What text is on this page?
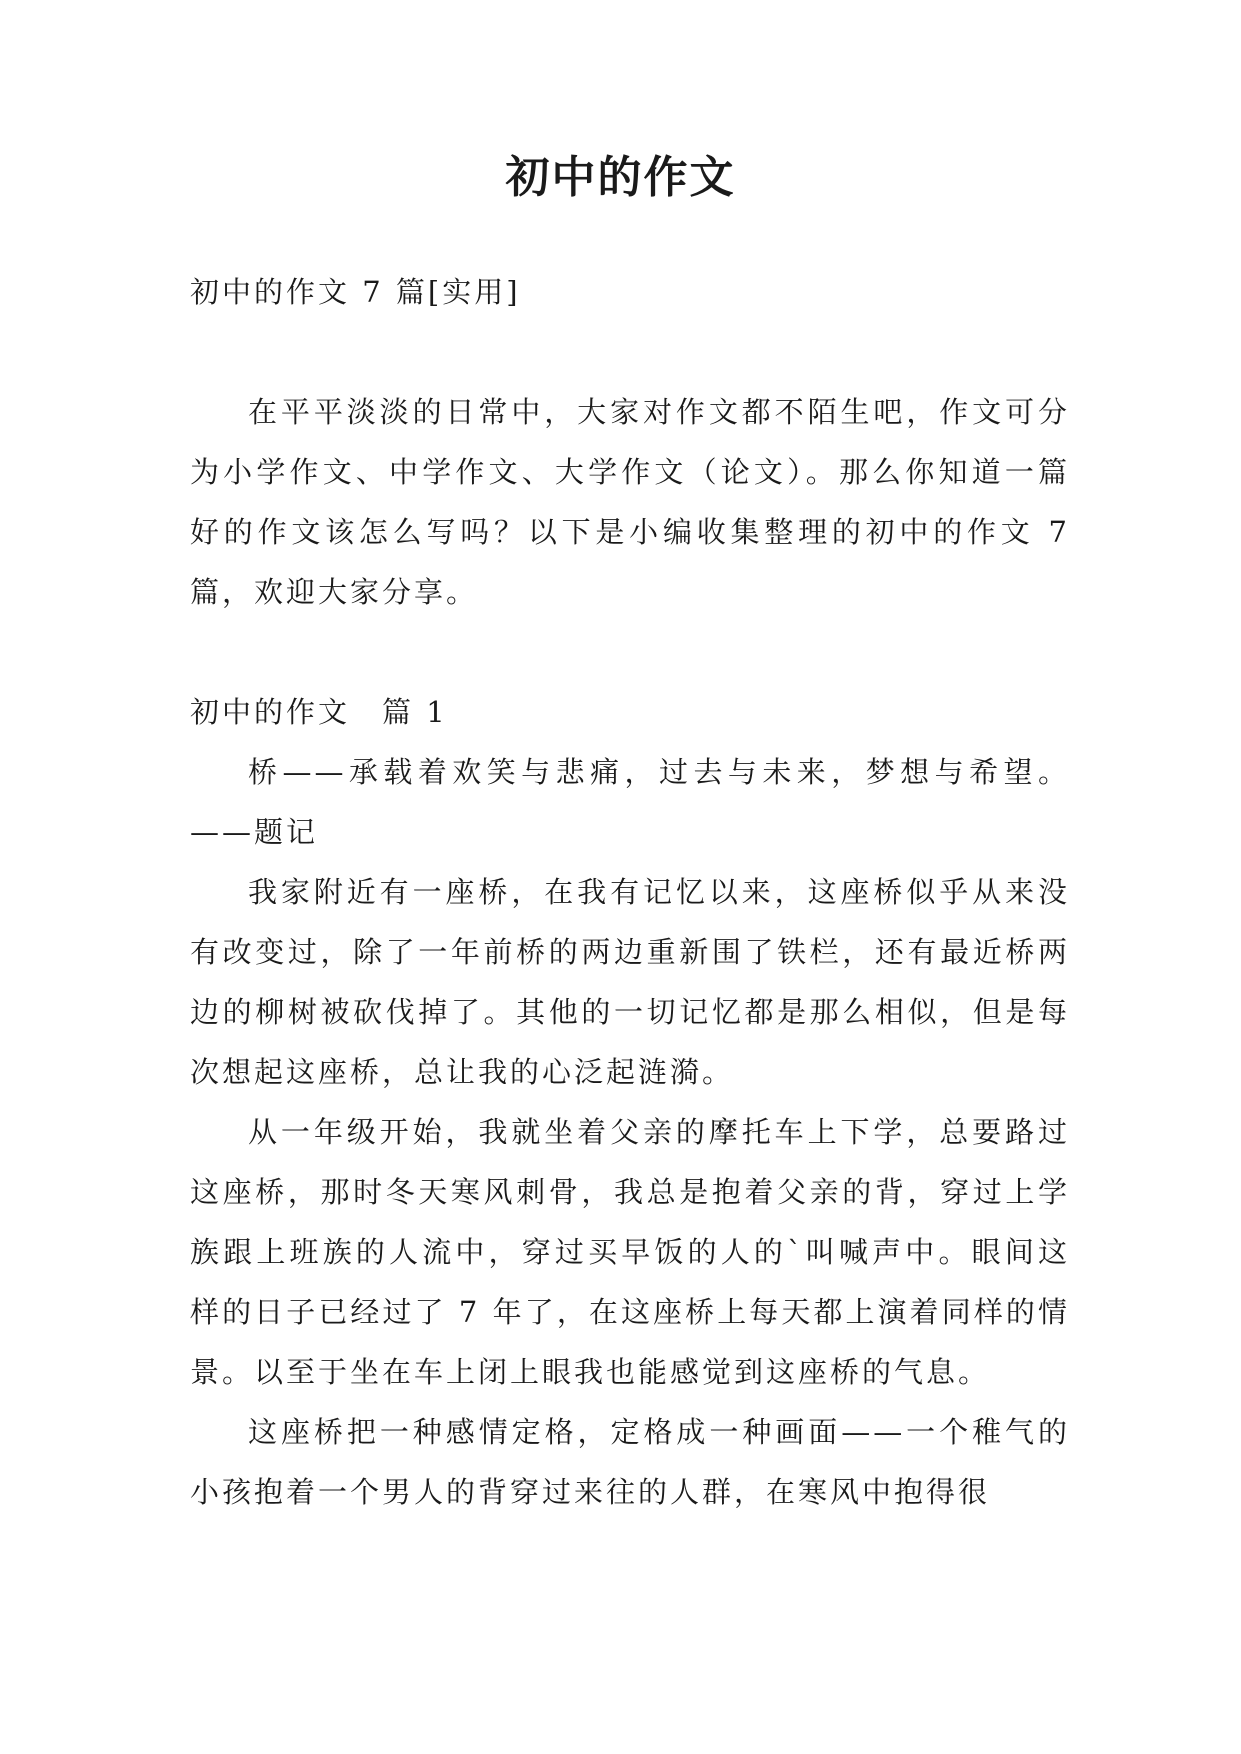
初中的作文

初中的作文 7 篇[实用]

在平平淡淡的日常中，大家对作文都不陌生吧，作文可分为小学作文、中学作文、大学作文（论文）。那么你知道一篇好的作文该怎么写吗？以下是小编收集整理的初中的作文 7 篇，欢迎大家分享。

初中的作文　篇 1

桥——承载着欢笑与悲痛，过去与未来，梦想与希望。——题记

我家附近有一座桥，在我有记忆以来，这座桥似乎从来没有改变过，除了一年前桥的两边重新围了铁栏，还有最近桥两边的柳树被砍伐掉了。其他的一切记忆都是那么相似，但是每次想起这座桥，总让我的心泛起涟漪。

从一年级开始，我就坐着父亲的摩托车上下学，总要路过这座桥，那时冬天寒风刺骨，我总是抱着父亲的背，穿过上学族跟上班族的人流中，穿过买早饭的人的`叫喊声中。眼间这样的日子已经过了 7 年了，在这座桥上每天都上演着同样的情景。以至于坐在车上闭上眼我也能感觉到这座桥的气息。

这座桥把一种感情定格，定格成一种画面——一个稚气的小孩抱着一个男人的背穿过来往的人群，在寒风中抱得很
